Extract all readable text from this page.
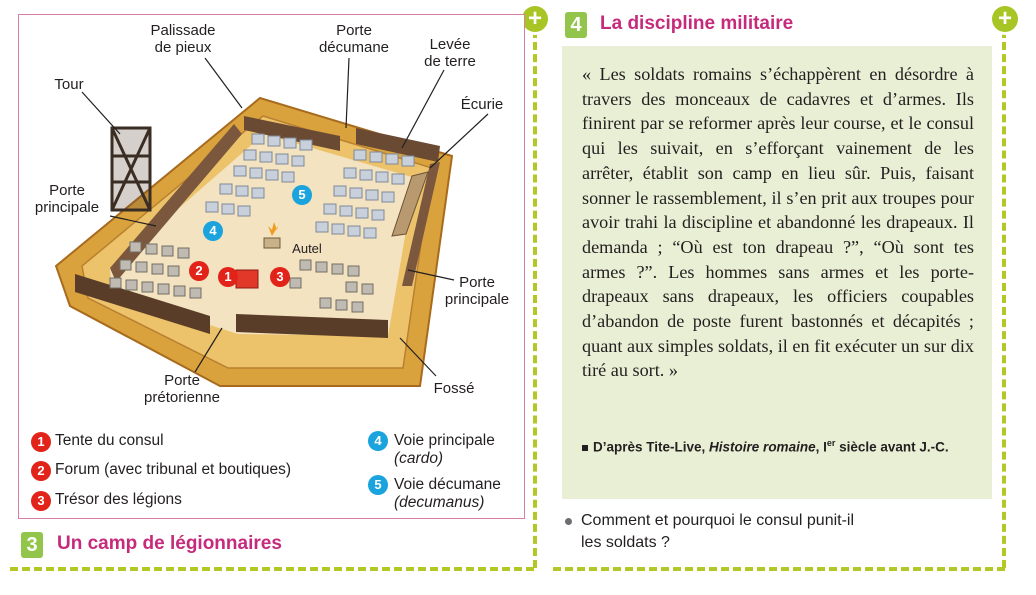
+	+
Palissade
de pieux
Porte
décumane	Levée
de terre
Tour
Écurie
Porte
principale
Autel
Porte
principale
Porte
prétorienne
Fossé
1
2	3
4
5
1 Tente du consul
2 Forum (avec tribunal et boutiques)
3 Trésor des légions
4 Voie principale
(cardo)
5 Voie décumane
(decumanus)
3 Un camp de légionnaires
4 La discipline militaire
« Les soldats romains s’échappèrent en désordre à travers des monceaux de cadavres et d’armes. Ils finirent par se reformer après leur course, et le consul qui les suivait, en s’efforçant vainement de les arrêter, établit son camp en lieu sûr. Puis, faisant sonner le rassemblement, il s’en prit aux troupes pour avoir trahi la discipline et abandonné les drapeaux. Il demanda ; “Où est ton drapeau ?”, “Où sont tes armes ?”. Les hommes sans armes et les porte-drapeaux sans drapeaux, les officiers coupables d’abandon de poste furent bastonnés et décapités ; quant aux simples soldats, il en fit exécuter un sur dix tiré au sort. »
D’après Tite-Live, Histoire romaine, Ier siècle avant J.-C.
Comment et pourquoi le consul punit-il
les soldats ?
